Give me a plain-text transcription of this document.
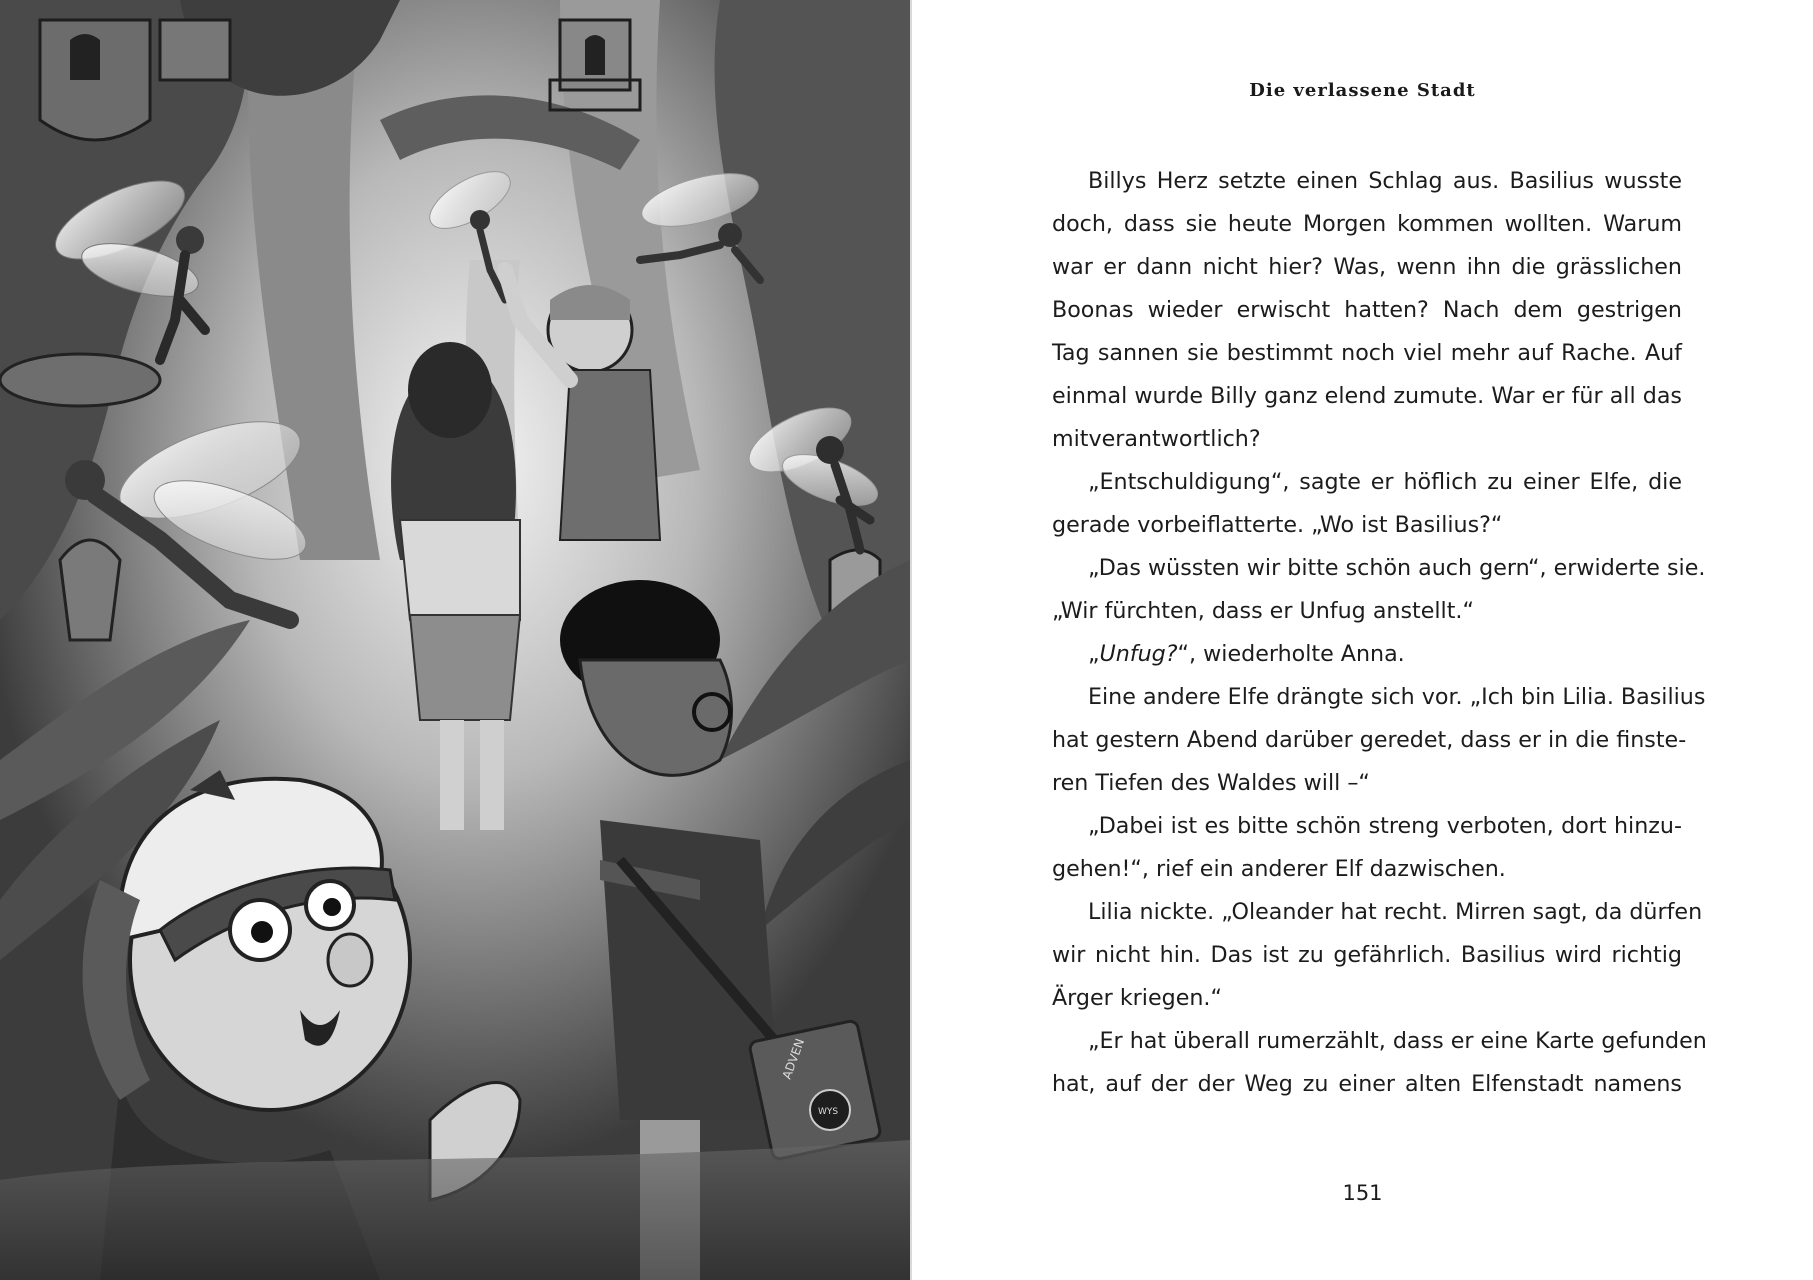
ADVEN
WYS
Die verlassene Stadt
Billys Herz setzte einen Schlag aus. Basilius wusste
doch, dass sie heute Morgen kommen wollten. Warum
war er dann nicht hier? Was, wenn ihn die grässlichen
Boonas wieder erwischt hatten? Nach dem gestrigen
Tag sannen sie bestimmt noch viel mehr auf Rache. Auf
einmal wurde Billy ganz elend zumute. War er für all das
mitverantwortlich?
„Entschuldigung“, sagte er höflich zu einer Elfe, die
gerade vorbeiflatterte. „Wo ist Basilius?“
„Das wüssten wir bitte schön auch gern“, erwiderte sie.
„Wir fürchten, dass er Unfug anstellt.“
„Unfug?“, wiederholte Anna.
Eine andere Elfe drängte sich vor. „Ich bin Lilia. Basilius
hat gestern Abend darüber geredet, dass er in die finste-
ren Tiefen des Waldes will –“
„Dabei ist es bitte schön streng verboten, dort hinzu-
gehen!“, rief ein anderer Elf dazwischen.
Lilia nickte. „Oleander hat recht. Mirren sagt, da dürfen
wir nicht hin. Das ist zu gefährlich. Basilius wird richtig
Ärger kriegen.“
„Er hat überall rumerzählt, dass er eine Karte gefunden
hat, auf der der Weg zu einer alten Elfenstadt namens
151
